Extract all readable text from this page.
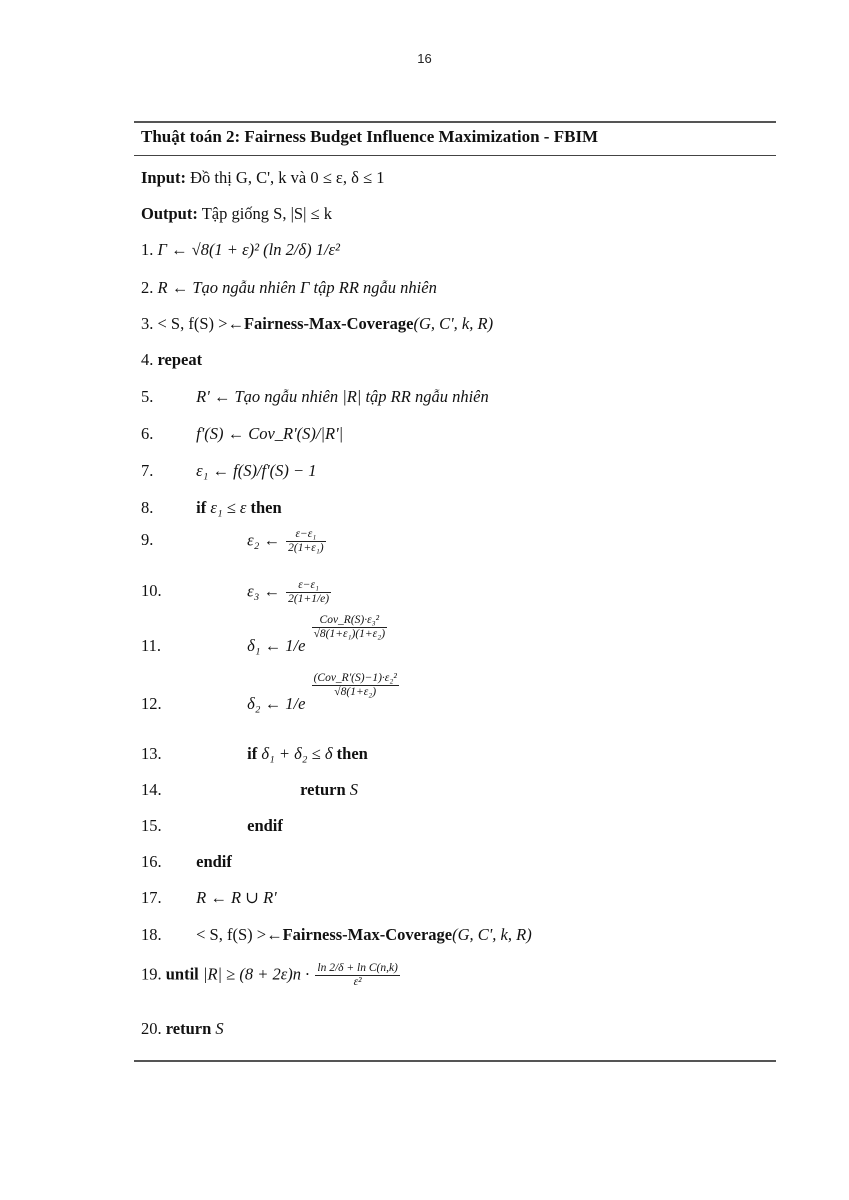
16
Thuật toán 2: Fairness Budget Influence Maximization - FBIM
Input: Đồ thị G, C', k và 0 ≤ ε, δ ≤ 1
Output: Tập giống S, |S| ≤ k
1. Γ ← √8(1 + ε)² (ln 2/δ) 1/ε²
2. R ← Tạo ngẫu nhiên Γ tập RR ngẫu nhiên
3. < S, f(S) >←Fairness-Max-Coverage(G, C', k, R)
4. repeat
5.	R' ← Tạo ngẫu nhiên |R| tập RR ngẫu nhiên
6.	f'(S) ← Cov_R'(S)/|R'|
7.	ε₁ ← f(S)/f'(S) − 1
8.	if ε₁ ≤ ε then
9.	ε₂ ← $\frac{\text{ε−ε₁}}{\text{2(1+ε₁)}}$
10.	ε₃ ← $\frac{\text{ε−ε₁}}{2(1+1/e)}$
11.	δ₁ ← 1/e
$\frac{\text{Cov\_R(S)·ε₃²}}{\text{√8(1+ε₁)(1+ε₂)}}$
12.	δ₂ ← 1/e
$\frac{\text{(Cov\_R'(S)−1)·ε₂²}}{\text{√8(1+ε₂)}}$
13.	if δ₁ + δ₂ ≤ δ then
14.	return S
15.	endif
16. endif
17. R ← R ∪ R'
18. < S, f(S) >←Fairness-Max-Coverage(G, C', k, R)
19. until $|R| \ge (8 + 2\varepsilon)n \cdot \frac{\text{ln 2/δ + ln C(n,k)}}{\text{ε²}}$
20. return S
